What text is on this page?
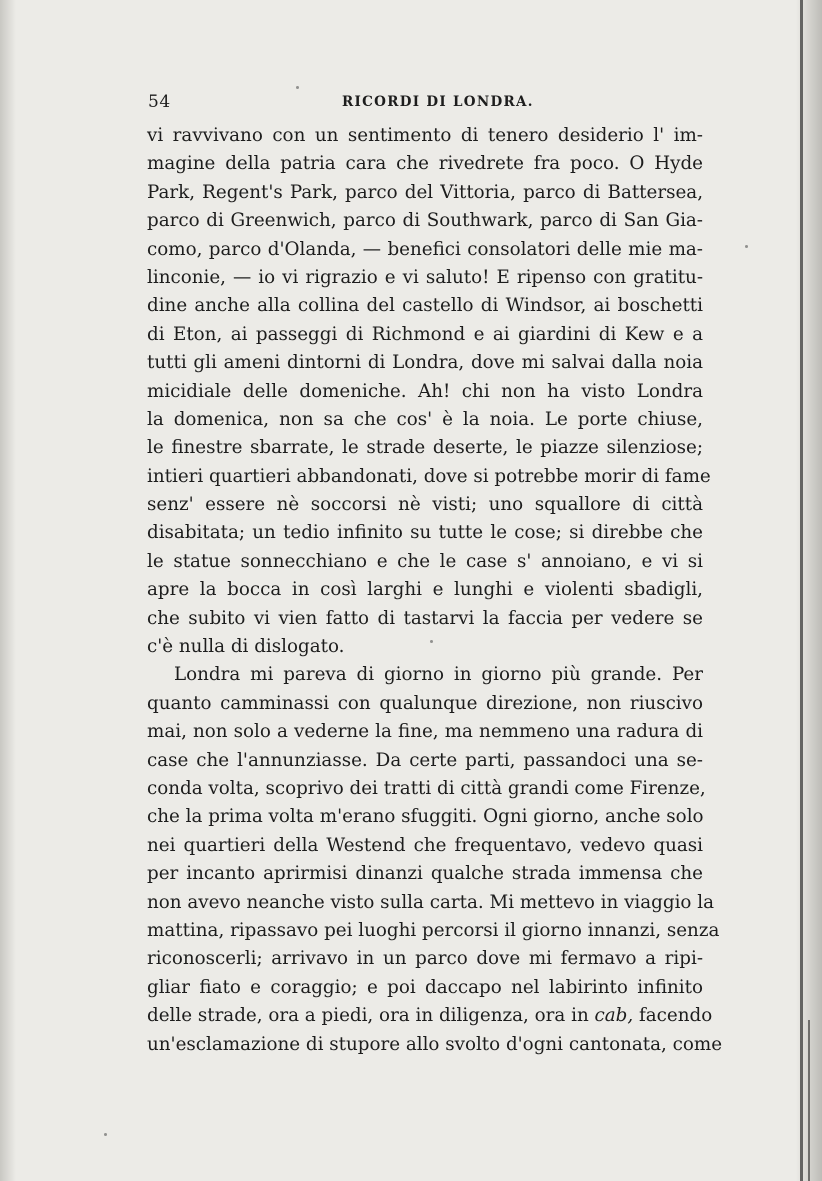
54	RICORDI DI LONDRA.
vi ravvivano con un sentimento di tenero desiderio l' im-
magine della patria cara che rivedrete fra poco. O Hyde
Park, Regent's Park, parco del Vittoria, parco di Battersea,
parco di Greenwich, parco di Southwark, parco di San Gia-
como, parco d'Olanda, — benefici consolatori delle mie ma-
linconie, — io vi rigrazio e vi saluto! E ripenso con gratitu-
dine anche alla collina del castello di Windsor, ai boschetti
di Eton, ai passeggi di Richmond e ai giardini di Kew e a
tutti gli ameni dintorni di Londra, dove mi salvai dalla noia
micidiale delle domeniche. Ah! chi non ha visto Londra
la domenica, non sa che cos' è la noia. Le porte chiuse,
le finestre sbarrate, le strade deserte, le piazze silenziose;
intieri quartieri abbandonati, dove si potrebbe morir di fame
senz' essere nè soccorsi nè visti; uno squallore di città
disabitata; un tedio infinito su tutte le cose; si direbbe che
le statue sonnecchiano e che le case s' annoiano, e vi si
apre la bocca in così larghi e lunghi e violenti sbadigli,
che subito vi vien fatto di tastarvi la faccia per vedere se
c'è nulla di dislogato.
Londra mi pareva di giorno in giorno più grande. Per
quanto camminassi con qualunque direzione, non riuscivo
mai, non solo a vederne la fine, ma nemmeno una radura di
case che l'annunziasse. Da certe parti, passandoci una se-
conda volta, scoprivo dei tratti di città grandi come Firenze,
che la prima volta m'erano sfuggiti. Ogni giorno, anche solo
nei quartieri della Westend che frequentavo, vedevo quasi
per incanto aprirmisi dinanzi qualche strada immensa che
non avevo neanche visto sulla carta. Mi mettevo in viaggio la
mattina, ripassavo pei luoghi percorsi il giorno innanzi, senza
riconoscerli; arrivavo in un parco dove mi fermavo a ripi-
gliar fiato e coraggio; e poi daccapo nel labirinto infinito
delle strade, ora a piedi, ora in diligenza, ora in cab, facendo
un'esclamazione di stupore allo svolto d'ogni cantonata, come
